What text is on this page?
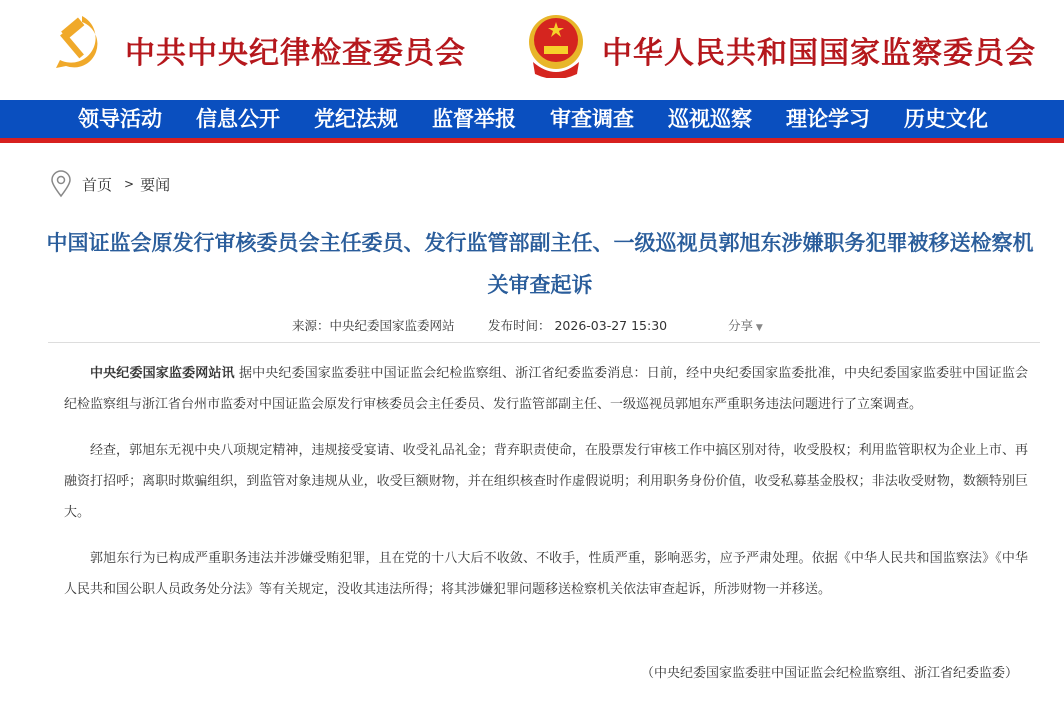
中共中央纪律检查委员会	中华人民共和国国家监察委员会
领导活动 信息公开 党纪法规 监督举报 审查调查 巡视巡察 理论学习 历史文化
首页 > 要闻
中国证监会原发行审核委员会主任委员、发行监管部副主任、一级巡视员郭旭东涉嫌职务犯罪被移送检察机关审查起诉
来源：中央纪委国家监委网站	发布时间： 2026-03-27 15:30	分享 ▼

中央纪委国家监委网站讯 据中央纪委国家监委驻中国证监会纪检监察组、浙江省纪委监委消息：日前，经中央纪委国家监委批准，中央纪委国家监委驻中国证监会纪检监察组与浙江省台州市监委对中国证监会原发行审核委员会主任委员、发行监管部副主任、一级巡视员郭旭东严重职务违法问题进行了立案调查。

经查，郭旭东无视中央八项规定精神，违规接受宴请、收受礼品礼金；背弃职责使命，在股票发行审核工作中搞区别对待，收受股权；利用监管职权为企业上市、再融资打招呼；离职时欺骗组织，到监管对象违规从业，收受巨额财物，并在组织核查时作虚假说明；利用职务身份价值，收受私募基金股权；非法收受财物，数额特别巨大。

郭旭东行为已构成严重职务违法并涉嫌受贿犯罪，且在党的十八大后不收敛、不收手，性质严重，影响恶劣，应予严肃处理。依据《中华人民共和国监察法》《中华人民共和国公职人员政务处分法》等有关规定，没收其违法所得；将其涉嫌犯罪问题移送检察机关依法审查起诉，所涉财物一并移送。

（中央纪委国家监委驻中国证监会纪检监察组、浙江省纪委监委）
